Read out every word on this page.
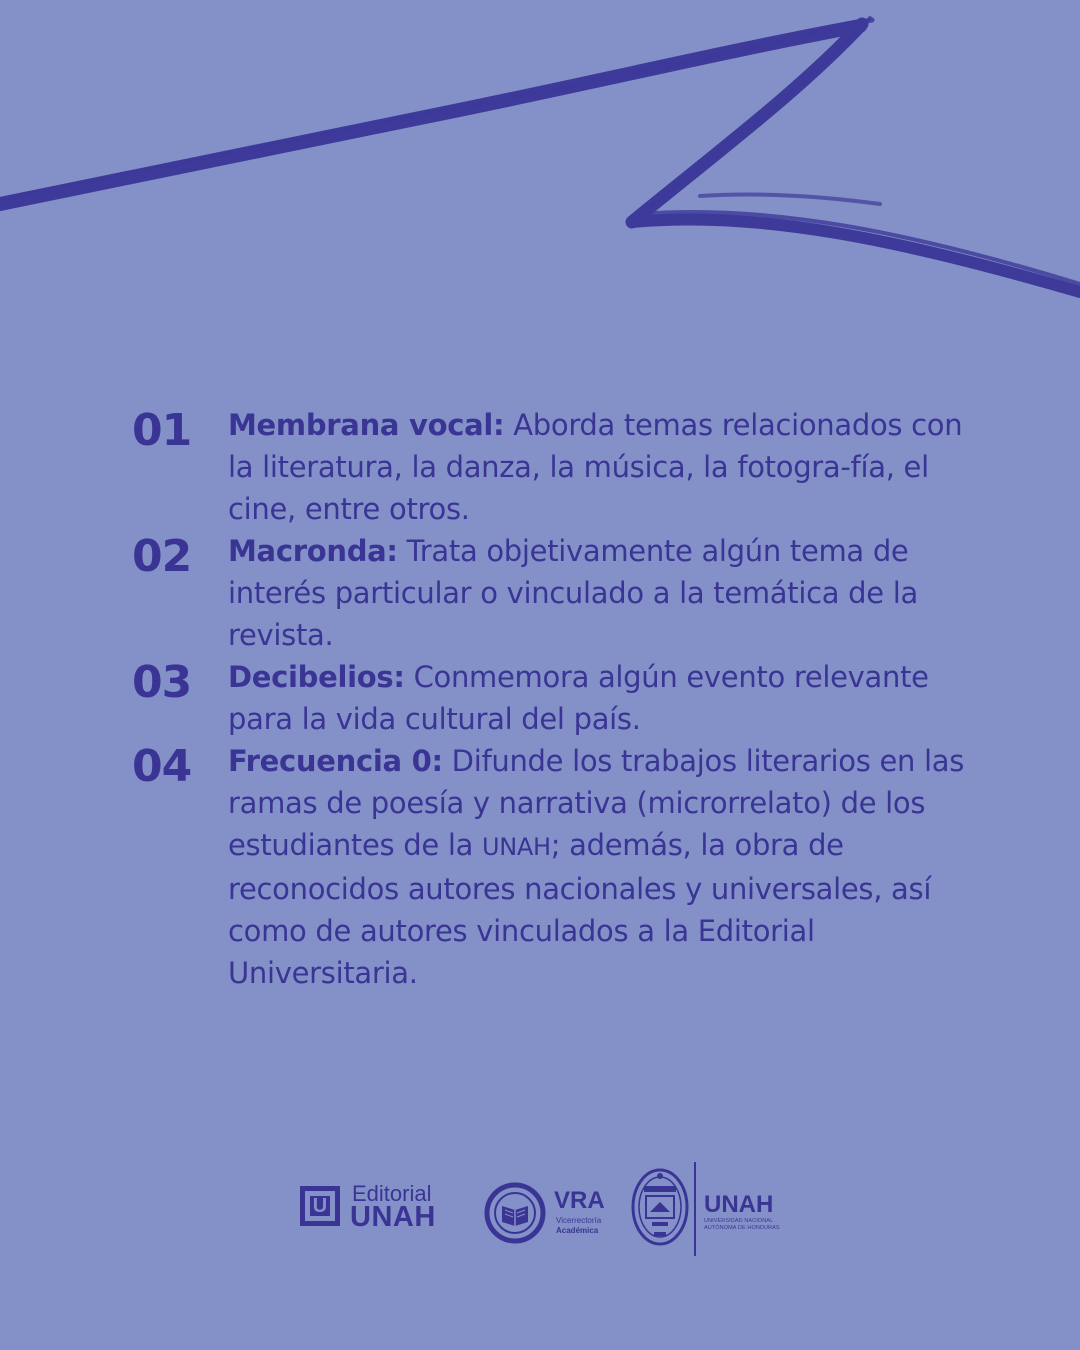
01	Membrana vocal: Aborda temas relacionados con la literatura, la danza, la música, la fotogra-fía, el cine, entre otros.
02	Macronda: Trata objetivamente algún tema de interés particular o vinculado a la temática de la revista.
03	Decibelios: Conmemora algún evento relevante para la vida cultural del país.
04	Frecuencia 0: Difunde los trabajos literarios en las ramas de poesía y narrativa (microrrelato) de los estudiantes de la UNAH; además, la obra de reconocidos autores nacionales y universales, así como de autores vinculados a la Editorial Universitaria.
U Editorial
UNAH
VRA
Vicerrectoría
Académica
UNAH
UNIVERSIDAD NACIONAL
AUTÓNOMA DE HONDURAS
